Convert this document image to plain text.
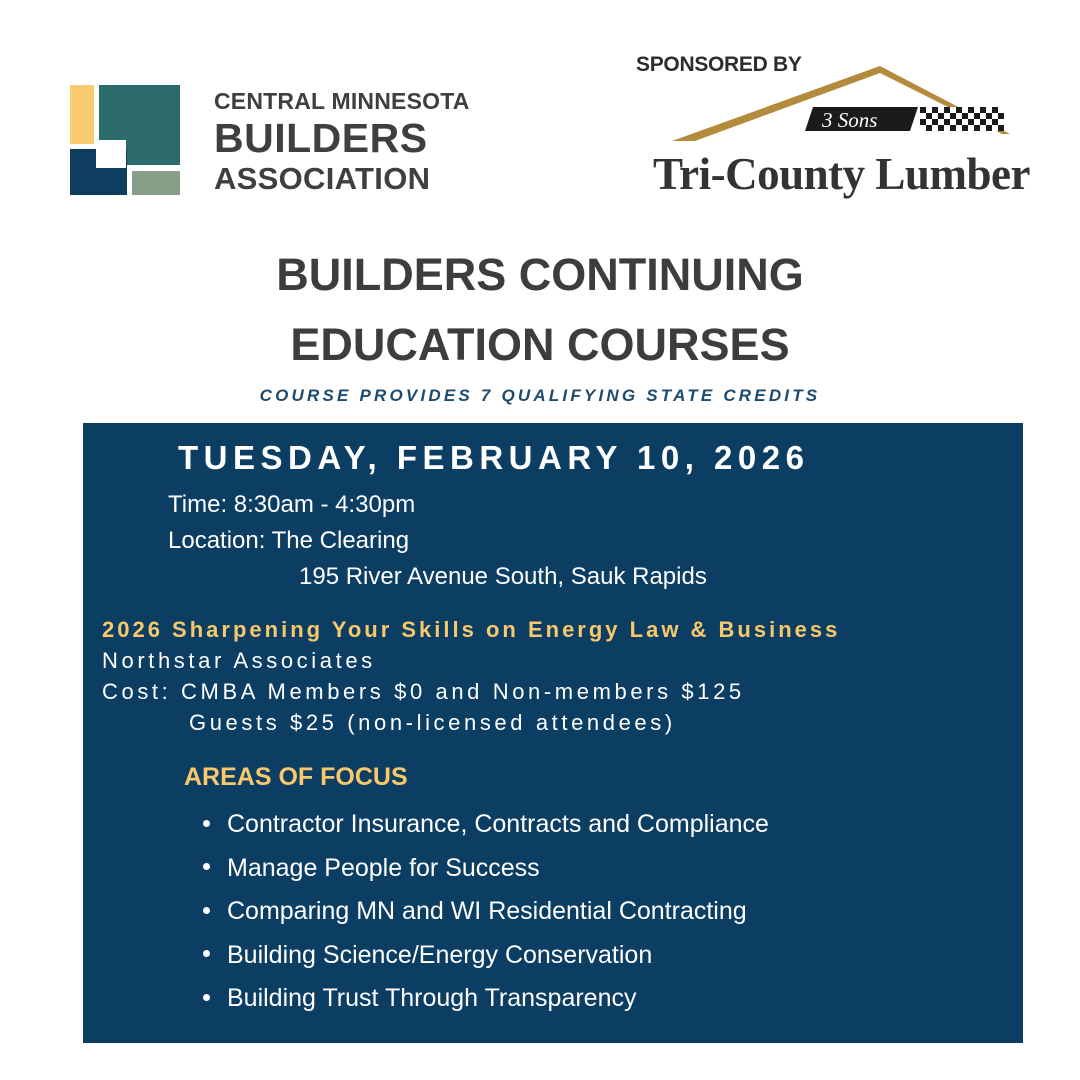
CENTRAL MINNESOTA
BUILDERS
ASSOCIATION
SPONSORED BY
3 Sons
Tri-County Lumber
BUILDERS CONTINUING
EDUCATION COURSES
COURSE PROVIDES 7 QUALIFYING STATE CREDITS
TUESDAY, FEBRUARY 10, 2026
Time: 8:30am - 4:30pm
Location: The Clearing
195 River Avenue South, Sauk Rapids
2026 Sharpening Your Skills on Energy Law & Business
Northstar Associates
Cost: CMBA Members $0 and Non-members $125
Guests $25 (non-licensed attendees)
AREAS OF FOCUS
Contractor Insurance, Contracts and Compliance
Manage People for Success
Comparing MN and WI Residential Contracting
Building Science/Energy Conservation
Building Trust Through Transparency
